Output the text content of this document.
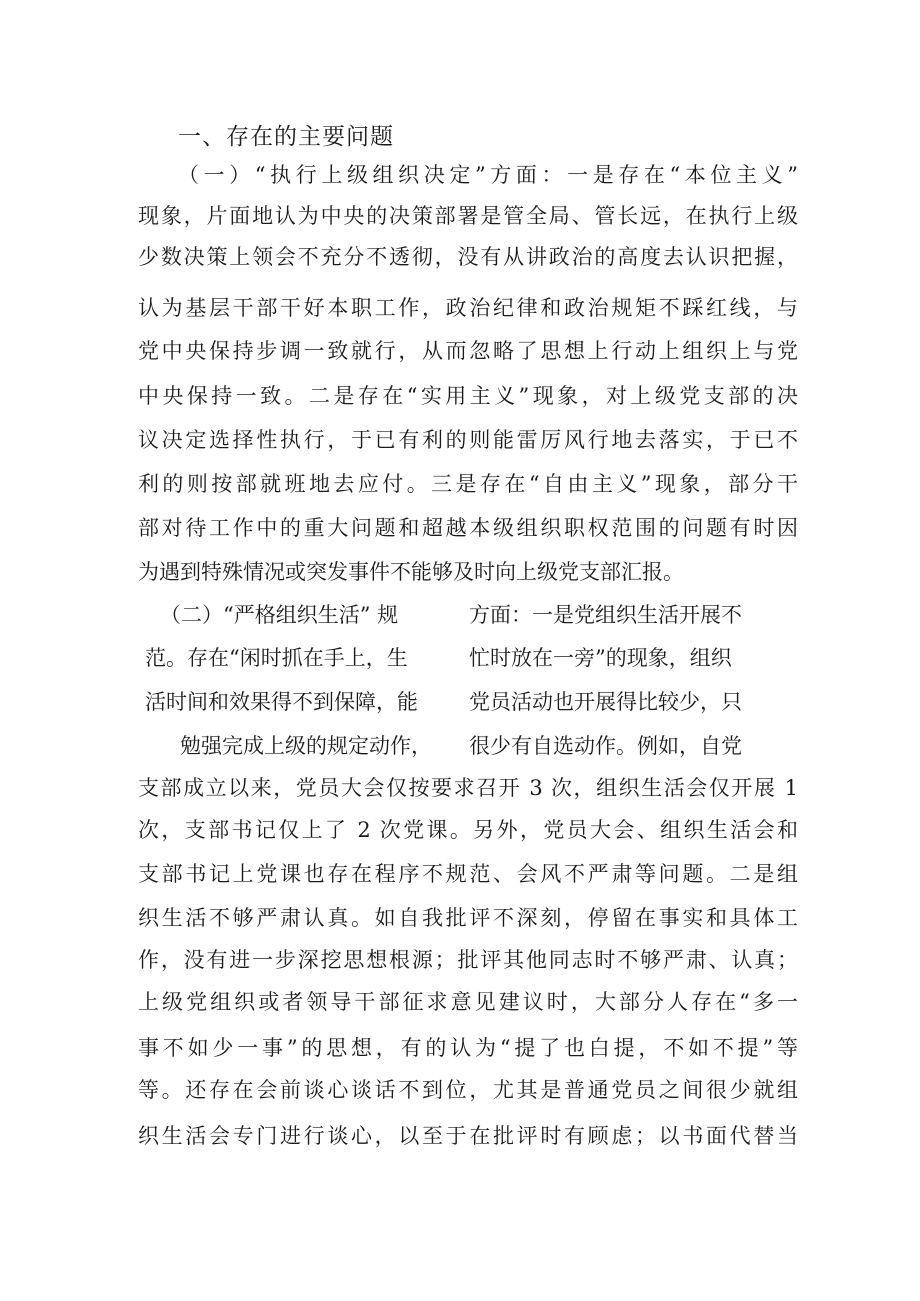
一、存在的主要问题
（一）“执行上级组织决定”方面：一是存在“本位主义”
现象，片面地认为中央的决策部署是管全局、管长远，在执行上级
少数决策上领会不充分不透彻，没有从讲政治的高度去认识把握，
认为基层干部干好本职工作，政治纪律和政治规矩不踩红线，与
党中央保持步调一致就行，从而忽略了思想上行动上组织上与党
中央保持一致。二是存在“实用主义”现象，对上级党支部的决
议决定选择性执行，于已有利的则能雷厉风行地去落实，于已不
利的则按部就班地去应付。三是存在“自由主义”现象，部分干
部对待工作中的重大问题和超越本级组织职权范围的问题有时因
为遇到特殊情况或突发事件不能够及时向上级党支部汇报。
（二）“严格组织生活” 规
范。存在“闲时抓在手上，生
活时间和效果得不到保障，能
勉强完成上级的规定动作，
方面：一是党组织生活开展不
忙时放在一旁”的现象，组织
党员活动也开展得比较少，只
很少有自选动作。例如，自党
支部成立以来，党员大会仅按要求召开 3 次，组织生活会仅开展 1
次，支部书记仅上了 2 次党课。另外，党员大会、组织生活会和
支部书记上党课也存在程序不规范、会风不严肃等问题。二是组
织生活不够严肃认真。如自我批评不深刻，停留在事实和具体工
作，没有进一步深挖思想根源；批评其他同志时不够严肃、认真；
上级党组织或者领导干部征求意见建议时，大部分人存在“多一
事不如少一事”的思想，有的认为“提了也白提，不如不提”等
等。还存在会前谈心谈话不到位，尤其是普通党员之间很少就组
织生活会专门进行谈心，以至于在批评时有顾虑；以书面代替当
